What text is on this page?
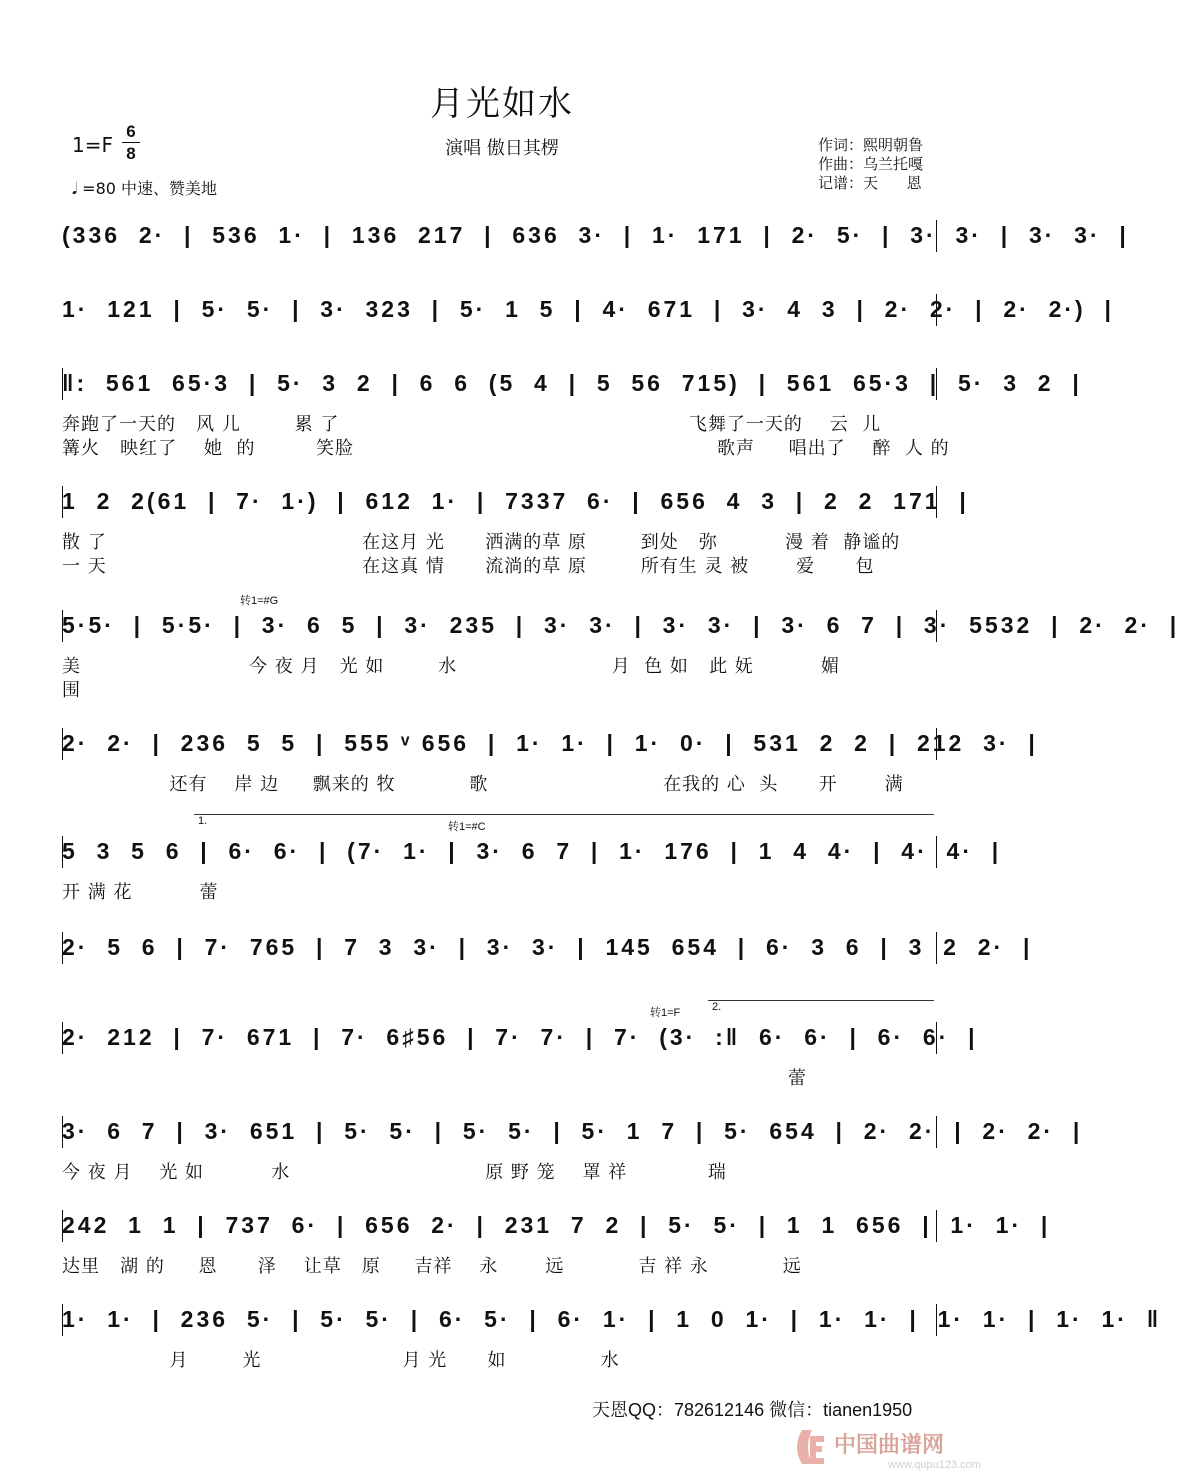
月光如水
1=F
6
8
𝅘𝅥 =80 中速、赞美地
演唱 傲日其楞	作词：熙明朝鲁
作曲：乌兰托嘎
记谱：天      恩
(336  2·  |  536  1·  |  136  217  |  636  3·  |  1·  171  |  2·  5·  |  3·  3·  |  3·  3·  |
1·  121  |  5·  5·  |  3·  323  |  5·  1  5  |  4·  671  |  3·  4  3  |  2·  2·  |  2·  2·)  |
‖:  561  65·3  |  5·  3  2  |  6  6  (5  4  |  5  56  715)  |  561  65·3  |  5·  3  2  |
奔跑了一天的   风 儿        累 了                                                    飞舞了一天的    云  儿
篝火   映红了    她  的         笑脸                                                      歌声     唱出了    醉  人 的
1  2  2(61  |  7·  1·)  |  612  1·  |  7337  6·  |  656  4  3  |  2  2  171  |
散 了                                      在这月 光      洒满的草 原        到处   弥          漫 着  静谧的
一 天                                      在这真 情      流淌的草 原        所有生 灵 被       爱      包
5·5·  |  5·5·  |  3·  6  5  |  3·  235  |  3·  3·  |  3·  3·  |  3·  6  7  |  3·  5532  |  2·  2·  |
转1=#G
美                         今 夜 月   光 如        水                       月  色 如   此 妩          媚
围
2·  2·  |  236  5  5  |  555 ᵛ 656  |  1·  1·  |  1·  0·  |  531  2  2  |  212  3·  |
还有    岸 边     飘来的 牧           歌                          在我的 心  头      开       满
5  3  5  6  |  6·  6·  |  (7·  1·  |  3·  6  7  |  1·  176  |  1  4  4·  |  4·  4·  |
转1=#C
1.
开 满 花          蕾
2·  5  6  |  7·  765  |  7  3  3·  |  3·  3·  |  145  654  |  6·  3  6  |  3  2  2·  |
2·  212  |  7·  671  |  7·  6♯56  |  7·  7·  |  7·  (3·  :‖  6·  6·  |  6·  6·  |
转1=F	2.
蕾
3·  6  7  |  3·  651  |  5·  5·  |  5·  5·  |  5·  1  7  |  5·  654  |  2·  2·  |  2·  2·  |
今 夜 月    光 如          水                             原 野 笼    罩 祥            瑞
242  1  1  |  737  6·  |  656  2·  |  231  7  2  |  5·  5·  |  1  1  656  |  1·  1·  |
达里   湖 的     恩      泽    让草   原     吉祥    永       远           吉 祥 永           远
1·  1·  |  236  5·  |  5·  5·  |  6·  5·  |  6·  1·  |  1  0  1·  |  1·  1·  |  1·  1·  |  1·  1·  ‖
月        光                     月 光      如              水
天恩QQ：782612146 微信：tianen1950
中国曲谱网
www.qupu123.com
